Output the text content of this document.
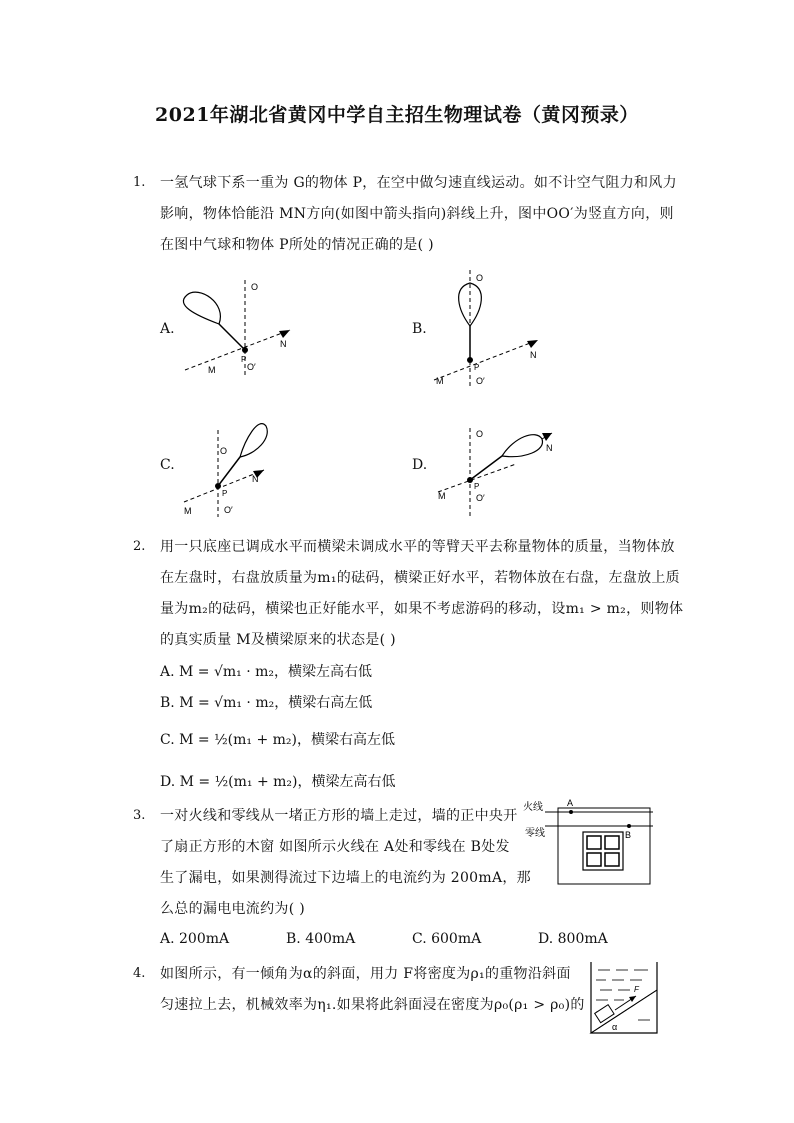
2021年湖北省黄冈中学自主招生物理试卷（黄冈预录）
1. 一氢气球下系一重为 G的物体 P，在空中做匀速直线运动。如不计空气阻力和风力
影响，物体恰能沿 MN方向(如图中箭头指向)斜线上升，图中OO′为竖直方向，则
在图中气球和物体 P所处的情况正确的是( )
A.	B.
C.	D.
O
O′
M
N
P
O
O′
M
N
P
O
O′
M
N
P
O
O′
M
N
P
2. 用一只底座已调成水平而横梁未调成水平的等臂天平去称量物体的质量，当物体放
在左盘时，右盘放质量为m₁的砝码，横梁正好水平，若物体放在右盘，左盘放上质
量为m₂的砝码，横梁也正好能水平，如果不考虑游码的移动，设m₁ > m₂，则物体
的真实质量 M及横梁原来的状态是( )
A. M = √m₁ · m₂，横梁左高右低
B. M = √m₁ · m₂，横梁右高左低
C. M = ½(m₁ + m₂)，横梁右高左低
D. M = ½(m₁ + m₂)，横梁左高右低
3. 一对火线和零线从一堵正方形的墙上走过，墙的正中央开
了扇正方形的木窗 如图所示火线在 A处和零线在 B处发
生了漏电，如果测得流过下边墙上的电流约为 200mA，那
么总的漏电电流约为( )
A. 200mA	B. 400mA	C. 600mA	D. 800mA
火线
零线
A
B
4. 如图所示，有一倾角为α的斜面，用力 F将密度为ρ₁的重物沿斜面
匀速拉上去，机械效率为η₁.如果将此斜面浸在密度为ρ₀(ρ₁ > ρ₀)的
F
α
